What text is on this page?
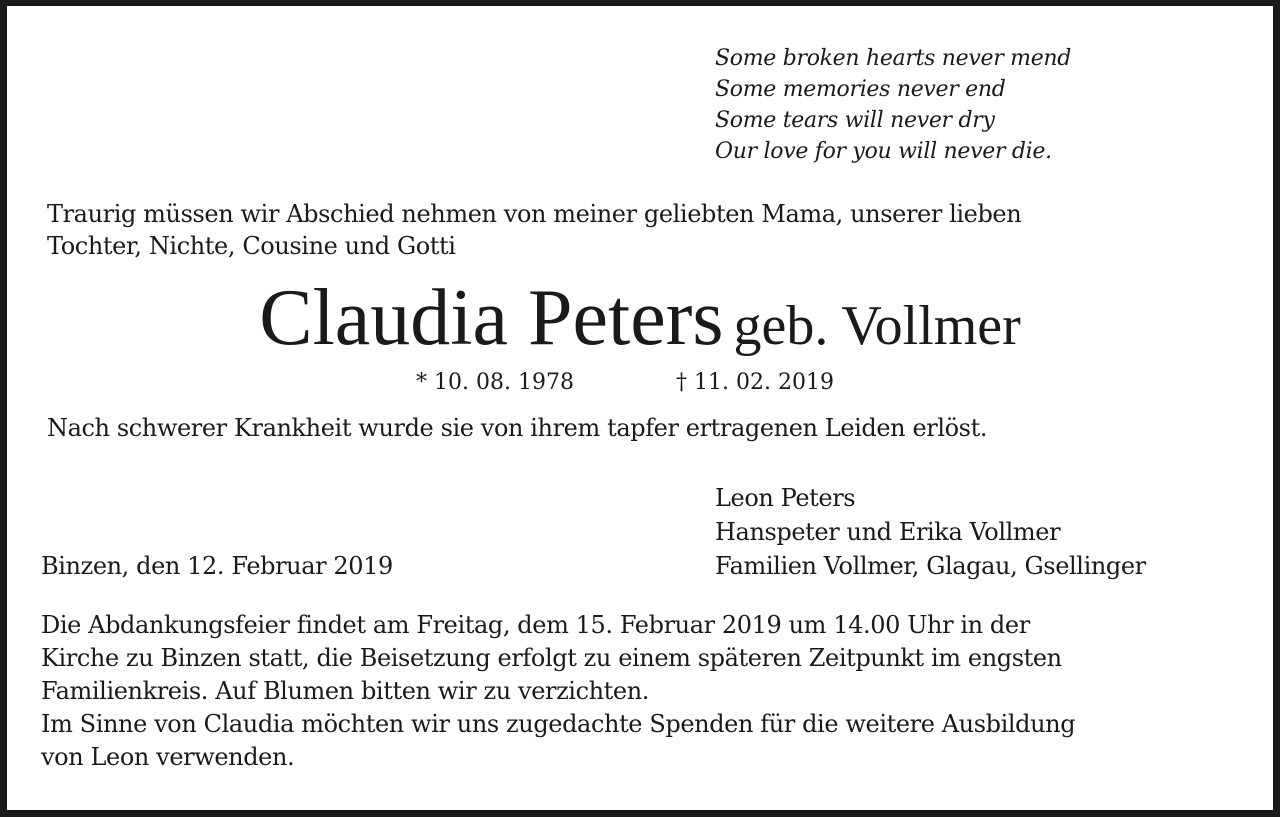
Some broken hearts never mend
Some memories never end
Some tears will never dry
Our love for you will never die.
Traurig müssen wir Abschied nehmen von meiner geliebten Mama, unserer lieben
Tochter, Nichte, Cousine und Gotti
Claudia Peters geb. Vollmer
* 10. 08. 1978	† 11. 02. 2019
Nach schwerer Krankheit wurde sie von ihrem tapfer ertragenen Leiden erlöst.
Leon Peters
Hanspeter und Erika Vollmer
Familien Vollmer, Glagau, Gsellinger
Binzen, den 12. Februar 2019
Die Abdankungsfeier findet am Freitag, dem 15. Februar 2019 um 14.00 Uhr in der
Kirche zu Binzen statt, die Beisetzung erfolgt zu einem späteren Zeitpunkt im engsten
Familienkreis. Auf Blumen bitten wir zu verzichten.
Im Sinne von Claudia möchten wir uns zugedachte Spenden für die weitere Ausbildung
von Leon verwenden.
